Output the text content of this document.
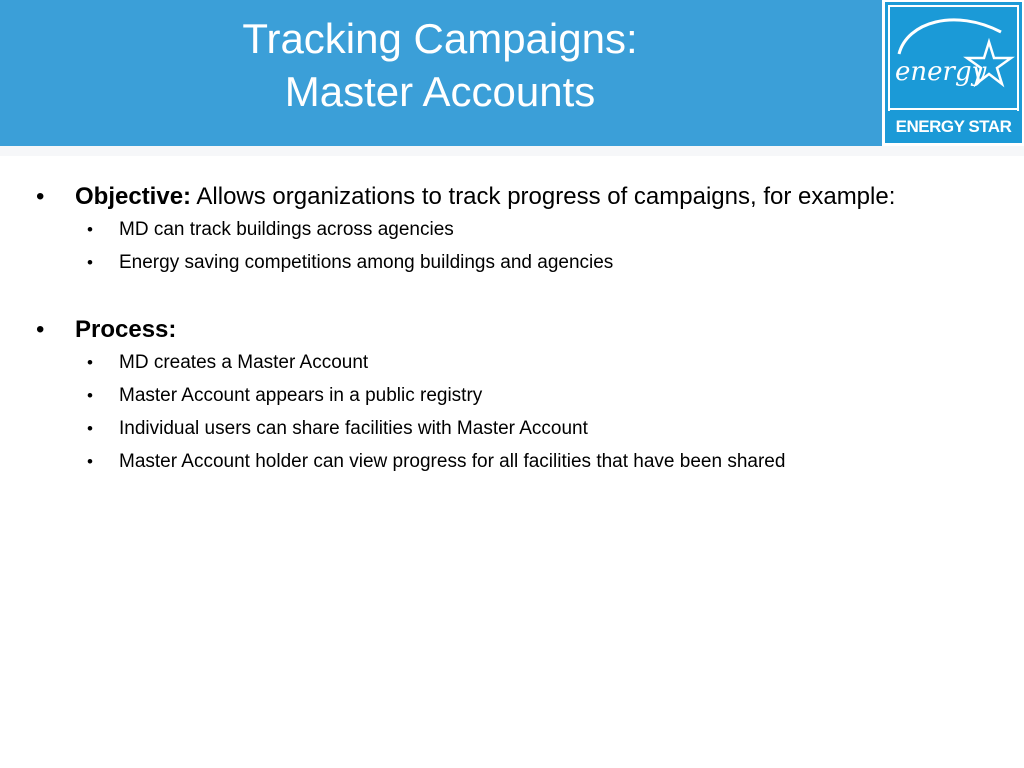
Tracking Campaigns:
Master Accounts	energy
ENERGY STAR
• Objective: Allows organizations to track progress of campaigns, for example:
• MD can track buildings across agencies
• Energy saving competitions among buildings and agencies
• Process:
• MD creates a Master Account
• Master Account appears in a public registry
• Individual users can share facilities with Master Account
• Master Account holder can view progress for all facilities that have been shared
